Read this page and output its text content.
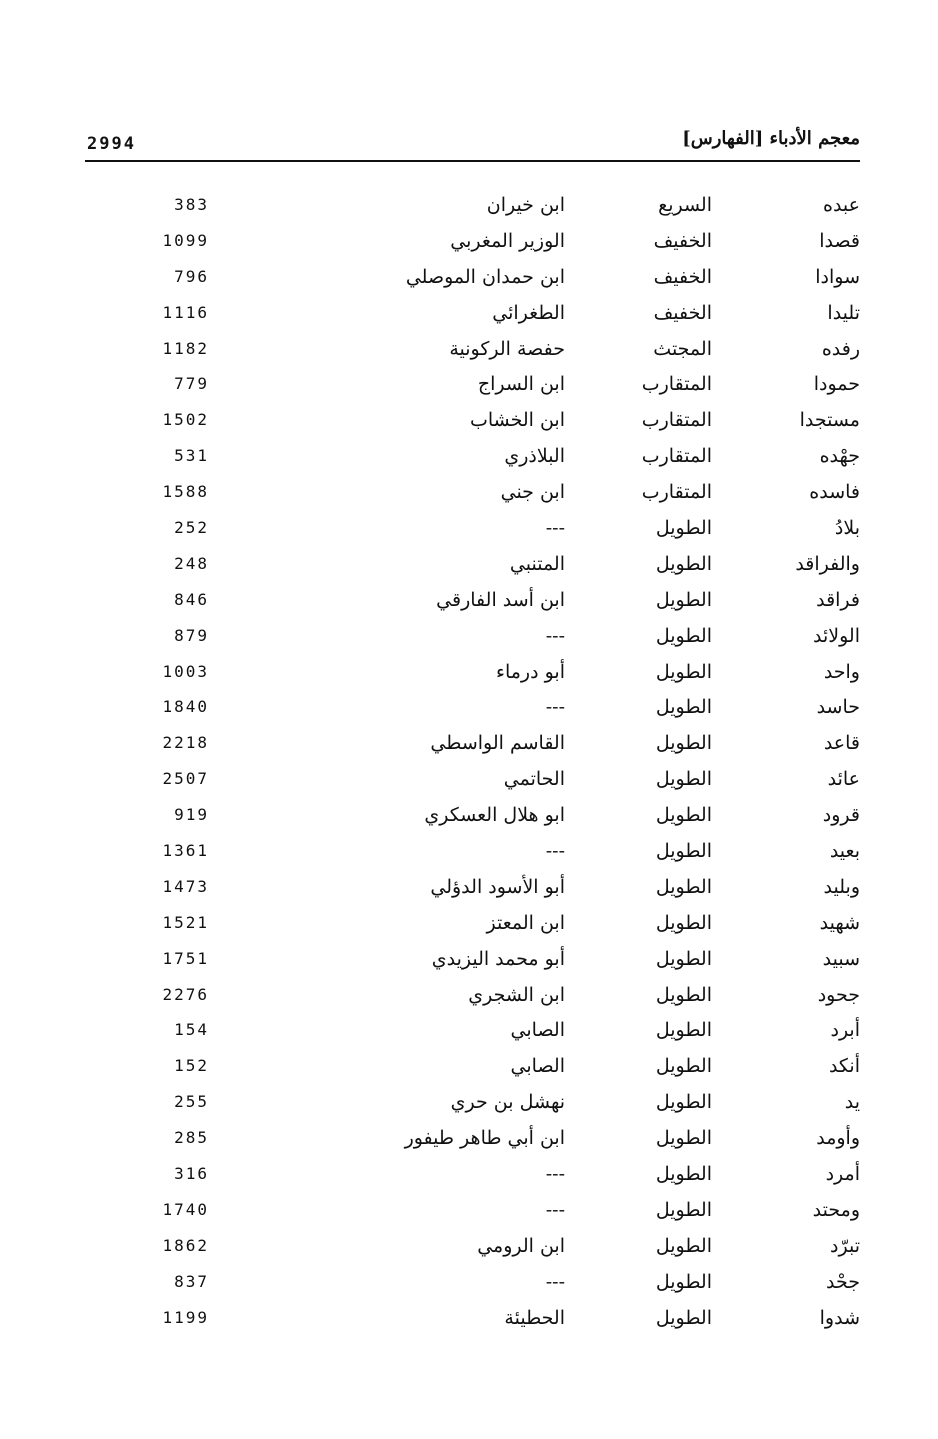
2994	معجم الأدباء [الفهارس]
عبده
السريع
ابن خيران
383
قصدا
الخفيف
الوزير المغربي
1099
سوادا
الخفيف
ابن حمدان الموصلي
796
تليدا
الخفيف
الطغرائي
1116
رفده
المجتث
حفصة الركونية
1182
حمودا
المتقارب
ابن السراج
779
مستجدا
المتقارب
ابن الخشاب
1502
جهْده
المتقارب
البلاذري
531
فاسده
المتقارب
ابن جني
1588
بلادُ
الطويل
---
252
والفراقد
الطويل
المتنبي
248
فراقد
الطويل
ابن أسد الفارقي
846
الولائد
الطويل
---
879
واحد
الطويل
أبو درماء
1003
حاسد
الطويل
---
1840
قاعد
الطويل
القاسم الواسطي
2218
عائد
الطويل
الحاتمي
2507
قرود
الطويل
ابو هلال العسكري
919
بعيد
الطويل
---
1361
وبليد
الطويل
أبو الأسود الدؤلي
1473
شهيد
الطويل
ابن المعتز
1521
سبيد
الطويل
أبو محمد اليزيدي
1751
جحود
الطويل
ابن الشجري
2276
أبرد
الطويل
الصابي
154
أنكد
الطويل
الصابي
152
يد
الطويل
نهشل بن حري
255
وأومد
الطويل
ابن أبي طاهر طيفور
285
أمرد
الطويل
---
316
ومحتد
الطويل
---
1740
تبرّد
الطويل
ابن الرومي
1862
جحْد
الطويل
---
837
شدوا
الطويل
الحطيئة
1199
